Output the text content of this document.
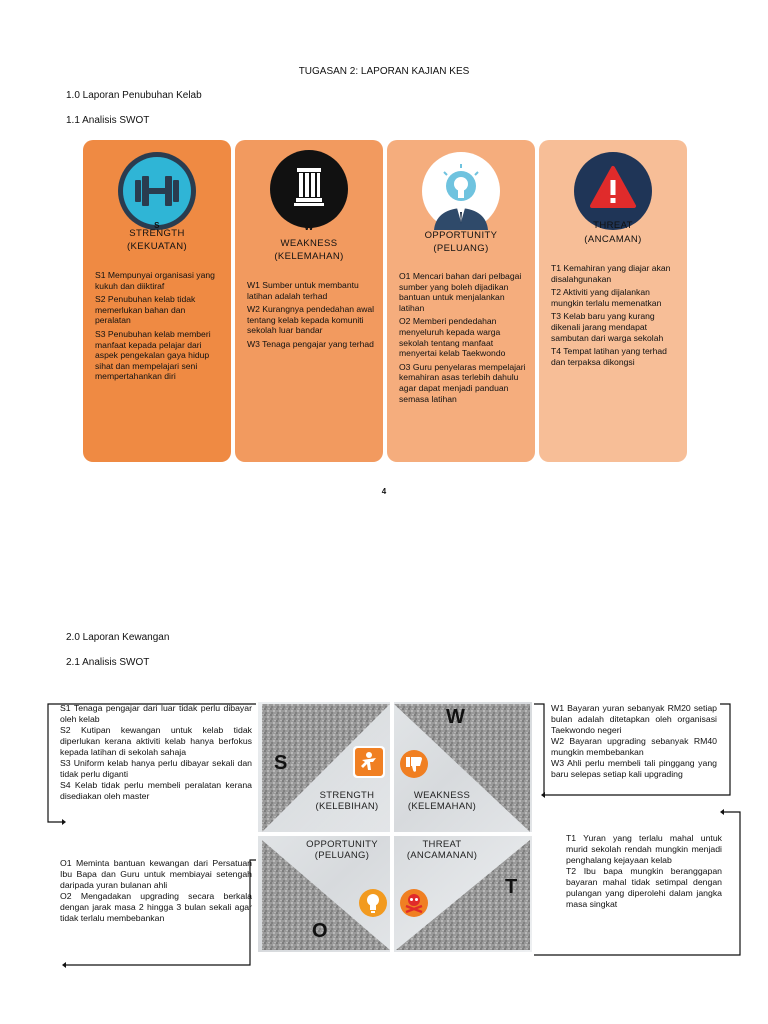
TUGASAN 2: LAPORAN KAJIAN KES
1.0 Laporan Penubuhan Kelab
1.1 Analisis SWOT
S
STRENGTH
(KEKUATAN)

S1 Mempunyai organisasi yang kukuh dan diiktiraf

S2 Penubuhan kelab tidak memerlukan bahan dan peralatan

S3 Penubuhan kelab memberi manfaat kepada pelajar dari aspek pengekalan gaya hidup sihat dan mempelajari seni mempertahankan diri

W
WEAKNESS
(KELEMAHAN)

W1 Sumber untuk membantu latihan adalah terhad

W2 Kurangnya pendedahan awal tentang kelab kepada komuniti sekolah luar bandar

W3 Tenaga pengajar yang terhad

OPPORTUNITY
(PELUANG)

O1 Mencari bahan dari pelbagai sumber yang boleh dijadikan bantuan untuk menjalankan latihan

O2 Memberi pendedahan menyeluruh kepada warga sekolah tentang manfaat menyertai kelab Taekwondo

O3 Guru penyelaras mempelajari kemahiran asas terlebih dahulu agar dapat menjadi panduan semasa latihan

THREAT
(ANCAMAN)

T1 Kemahiran yang diajar akan disalahgunakan

T2 Aktiviti yang dijalankan mungkin terlalu memenatkan

T3 Kelab baru yang kurang dikenali jarang mendapat sambutan dari warga sekolah

T4 Tempat latihan yang terhad dan terpaksa dikongsi

4
2.0 Laporan Kewangan
2.1 Analisis SWOT
S
W
O
T
STRENGTH
(KELEBIHAN)
WEAKNESS
(KELEMAHAN)
OPPORTUNITY
(PELUANG)
THREAT
(ANCAMANAN)

S1 Tenaga pengajar dari luar tidak perlu dibayar oleh kelab

S2 Kutipan kewangan untuk kelab tidak diperlukan kerana aktiviti kelab hanya berfokus kepada latihan di sekolah sahaja

S3 Uniform kelab hanya perlu dibayar sekali dan tidak perlu diganti

S4 Kelab tidak perlu membeli peralatan kerana disediakan oleh master

W1 Bayaran yuran sebanyak RM20 setiap bulan adalah ditetapkan oleh organisasi Taekwondo negeri

W2 Bayaran upgrading sebanyak RM40 mungkin membebankan

W3 Ahli perlu membeli tali pinggang yang baru selepas setiap kali upgrading

O1 Meminta bantuan kewangan dari Persatuan Ibu Bapa dan Guru untuk membiayai setengah daripada yuran bulanan ahli

O2 Mengadakan upgrading secara berkala dengan jarak masa 2 hingga 3 bulan sekali agar tidak terlalu membebankan

T1 Yuran yang terlalu mahal untuk murid sekolah rendah mungkin menjadi penghalang kejayaan kelab

T2 Ibu bapa mungkin beranggapan bayaran mahal tidak setimpal dengan pulangan yang diperolehi dalam jangka masa singkat
